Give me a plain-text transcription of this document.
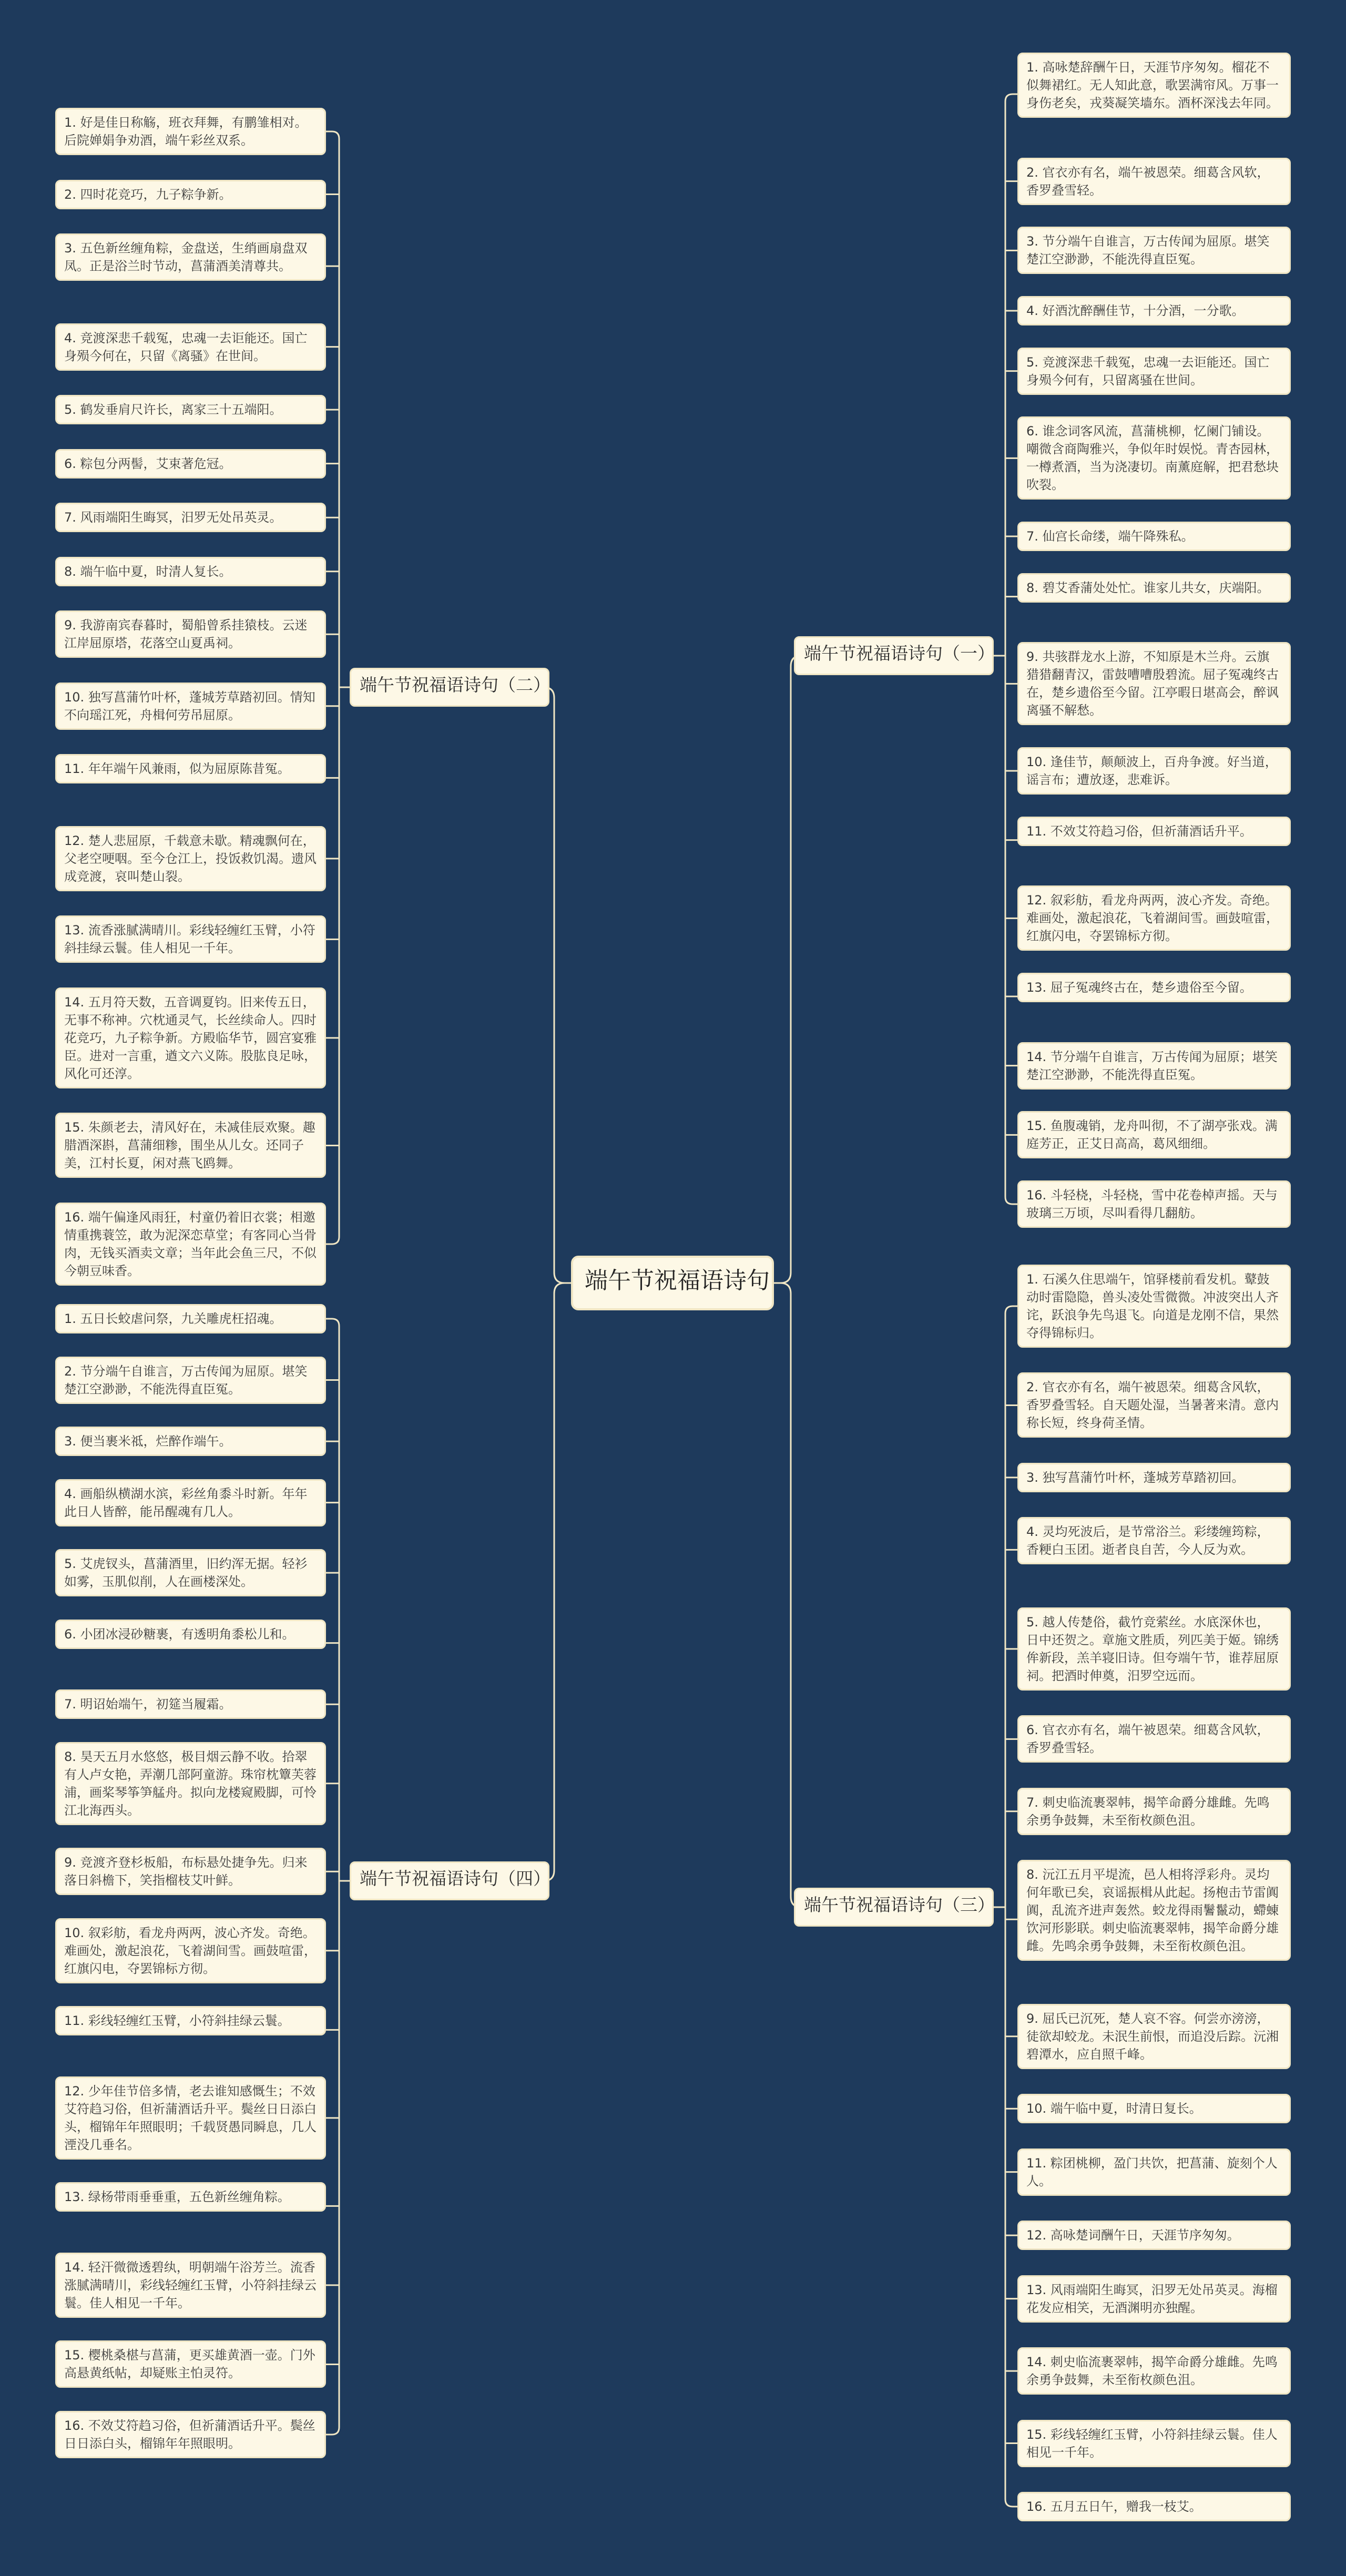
端午节祝福语诗句
端午节祝福语诗句（一）
1. 高咏楚辞酬午日，天涯节序匆匆。榴花不似舞裙红。无人知此意，歌罢满帘风。万事一身伤老矣，戎葵凝笑墙东。酒杯深浅去年同。
2. 官衣亦有名，端午被恩荣。细葛含风软，香罗叠雪轻。
3. 节分端午自谁言，万古传闻为屈原。堪笑楚江空渺渺，不能洗得直臣冤。
4. 好酒沈醉酬佳节，十分酒，一分歌。
5. 竞渡深悲千载冤，忠魂一去讵能还。国亡身殒今何有，只留离骚在世间。
6. 谁念词客风流，菖蒲桃柳，忆阑门铺设。嘲微含商陶雅兴，争似年时娱悦。青杏园林，一樽煮酒，当为浇凄切。南薰庭解，把君愁块吹裂。
7. 仙宫长命缕，端午降殊私。
8. 碧艾香蒲处处忙。谁家儿共女，庆端阳。
9. 共骇群龙水上游，不知原是木兰舟。云旗猎猎翻青汉，雷鼓嘈嘈殷碧流。屈子冤魂终古在，楚乡遗俗至今留。江亭暇日堪高会，醉讽离骚不解愁。
10. 逢佳节，颠颠波上，百舟争渡。好当道，谣言布；遭放逐，悲难诉。
11. 不效艾符趋习俗，但祈蒲酒话升平。
12. 叙彩舫，看龙舟两两，波心齐发。奇绝。难画处，激起浪花，飞着湖间雪。画鼓喧雷，红旗闪电，夺罢锦标方彻。
13. 屈子冤魂终古在，楚乡遗俗至今留。
14. 节分端午自谁言，万古传闻为屈原；堪笑楚江空渺渺，不能洗得直臣冤。
15. 鱼腹魂销，龙舟叫彻，不了湖亭张戏。满庭芳正，正艾日高高，葛风细细。
16. 斗轻桡，斗轻桡，雪中花卷棹声摇。天与玻璃三万顷，尽叫看得几翻舫。
端午节祝福语诗句（三）
1. 石溪久住思端午，馆驿楼前看发机。鼙鼓动时雷隐隐，兽头凌处雪微微。冲波突出人齐诧，跃浪争先鸟退飞。向道是龙刚不信，果然夺得锦标归。
2. 官衣亦有名，端午被恩荣。细葛含风软，香罗叠雪轻。自天题处湿，当暑著来清。意内称长短，终身荷圣情。
3. 独写菖蒲竹叶杯，蓬城芳草踏初回。
4. 灵均死波后，是节常浴兰。彩缕缠筠粽，香粳白玉团。逝者良自苦，今人反为欢。
5. 越人传楚俗，截竹竞萦丝。水底深休也，日中还贺之。章施文胜质，列匹美于姬。锦绣侔新段，羔羊寝旧诗。但夸端午节，谁荐屈原祠。把酒时伸奠，汨罗空远而。
6. 官衣亦有名，端午被恩荣。细葛含风软，香罗叠雪轻。
7. 刺史临流裹翠帏，揭竿命爵分雄雌。先鸣余勇争鼓舞，未至衔枚颜色沮。
8. 沅江五月平堤流，邑人相将浮彩舟。灵均何年歌已矣，哀谣振楫从此起。扬枹击节雷阗阗，乱流齐进声轰然。蛟龙得雨鬐鬣动，螮蝀饮河形影联。刺史临流裹翠帏，揭竿命爵分雄雌。先鸣余勇争鼓舞，未至衔枚颜色沮。
9. 屈氏已沉死，楚人哀不容。何尝亦滂滂，徒欲却蛟龙。未泯生前恨，而追没后踪。沅湘碧潭水，应自照千峰。
10. 端午临中夏，时清日复长。
11. 粽团桃柳，盈门共饮，把菖蒲、旋刻个人人。
12. 高咏楚词酬午日，天涯节序匆匆。
13. 风雨端阳生晦冥，汨罗无处吊英灵。海榴花发应相笑，无酒渊明亦独醒。
14. 刺史临流裹翠帏，揭竿命爵分雄雌。先鸣余勇争鼓舞，未至衔枚颜色沮。
15. 彩线轻缠红玉臂，小符斜挂绿云鬟。佳人相见一千年。
16. 五月五日午，赠我一枝艾。
端午节祝福语诗句（二）
1. 好是佳日称觞，班衣拜舞，有鹏雏相对。后院婵娟争劝酒，端午彩丝双系。
2. 四时花竞巧，九子粽争新。
3. 五色新丝缠角粽，金盘送，生绡画扇盘双凤。正是浴兰时节动，菖蒲酒美清尊共。
4. 竞渡深悲千载冤，忠魂一去讵能还。国亡身殒今何在，只留《离骚》在世间。
5. 鹤发垂肩尺许长，离家三十五端阳。
6. 粽包分两髻，艾束著危冠。
7. 风雨端阳生晦冥，汨罗无处吊英灵。
8. 端午临中夏，时清人复长。
9. 我游南宾春暮时，蜀船曾系挂猿枝。云迷江岸屈原塔，花落空山夏禹祠。
10. 独写菖蒲竹叶杯，蓬城芳草踏初回。情知不向瑶江死，舟楫何劳吊屈原。
11. 年年端午风兼雨，似为屈原陈昔冤。
12. 楚人悲屈原，千载意未歇。精魂飘何在，父老空哽咽。至今仓江上，投饭救饥渴。遗风成竞渡，哀叫楚山裂。
13. 流香涨腻满晴川。彩线轻缠红玉臂，小符斜挂绿云鬟。佳人相见一千年。
14. 五月符天数，五音调夏钧。旧来传五日，无事不称神。穴枕通灵气，长丝续命人。四时花竞巧，九子粽争新。方殿临华节，圆宫宴雅臣。进对一言重，遒文六义陈。股肱良足咏，风化可还淳。
15. 朱颜老去，清风好在，未减佳辰欢聚。趣腊酒深斟，菖蒲细糁，围坐从儿女。还同子美，江村长夏，闲对燕飞鸥舞。
16. 端午偏逢风雨狂，村童仍着旧衣裳；相邀情重携蓑笠，敢为泥深恋草堂；有客同心当骨肉，无钱买酒卖文章；当年此会鱼三尺，不似今朝豆味香。
端午节祝福语诗句（四）
1. 五日长蛟虐问祭，九关雕虎枉招魂。
2. 节分端午自谁言，万古传闻为屈原。堪笑楚江空渺渺，不能洗得直臣冤。
3. 便当裹米祗，烂醉作端午。
4. 画船纵横湖水滨，彩丝角黍斗时新。年年此日人皆醉，能吊醒魂有几人。
5. 艾虎钗头，菖蒲酒里，旧约浑无据。轻衫如雾，玉肌似削，人在画楼深处。
6. 小团冰浸砂糖裹，有透明角黍松儿和。
7. 明诏始端午，初筵当履霜。
8. 昊天五月水悠悠，极目烟云静不收。拾翠有人卢女艳，弄潮几部阿童游。珠帘枕簟芙蓉浦，画桨琴筝笋艋舟。拟向龙楼窥殿脚，可怜江北海西头。
9. 竞渡齐登杉板船，布标悬处捷争先。归来落日斜檐下，笑指榴枝艾叶鲜。
10. 叙彩舫，看龙舟两两，波心齐发。奇绝。难画处，激起浪花，飞着湖间雪。画鼓喧雷，红旗闪电，夺罢锦标方彻。
11. 彩线轻缠红玉臂，小符斜挂绿云鬟。
12. 少年佳节倍多情，老去谁知感慨生；不效艾符趋习俗，但祈蒲酒话升平。鬓丝日日添白头，榴锦年年照眼明；千载贤愚同瞬息，几人湮没几垂名。
13. 绿杨带雨垂垂重，五色新丝缠角粽。
14. 轻汗微微透碧纨，明朝端午浴芳兰。流香涨腻满晴川，彩线轻缠红玉臂，小符斜挂绿云鬟。佳人相见一千年。
15. 樱桃桑椹与菖蒲，更买雄黄酒一壶。门外高悬黄纸帖，却疑账主怕灵符。
16. 不效艾符趋习俗，但祈蒲酒话升平。鬓丝日日添白头，榴锦年年照眼明。
